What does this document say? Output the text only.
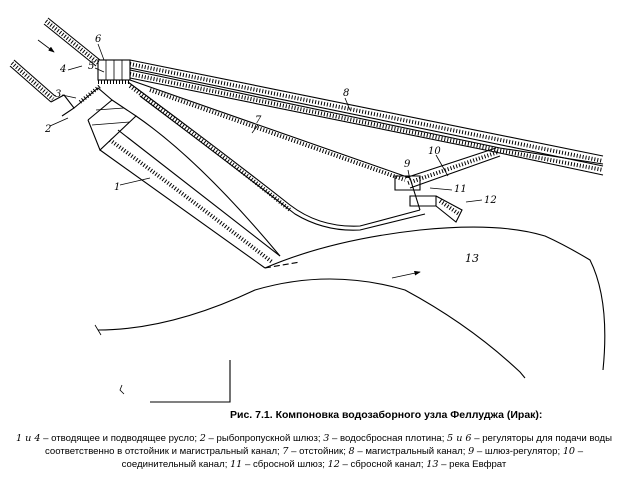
1
2
3
4 5
6
7
8
9
10
11
12
13
Рис. 7.1. Компоновка водозаборного узла Феллуджа (Ирак):
1 и 4 – отводящее и подводящее русло; 2 – рыбопропускной шлюз; 3 – водосбросная плотина; 5 и 6 – регуляторы для подачи воды соответственно в отстойник и магистральный канал; 7 – отстойник; 8 – магистральный канал; 9 – шлюз-регулятор; 10 – соединительный канал; 11 – сбросной шлюз; 12 – сбросной канал; 13 – река Евфрат
